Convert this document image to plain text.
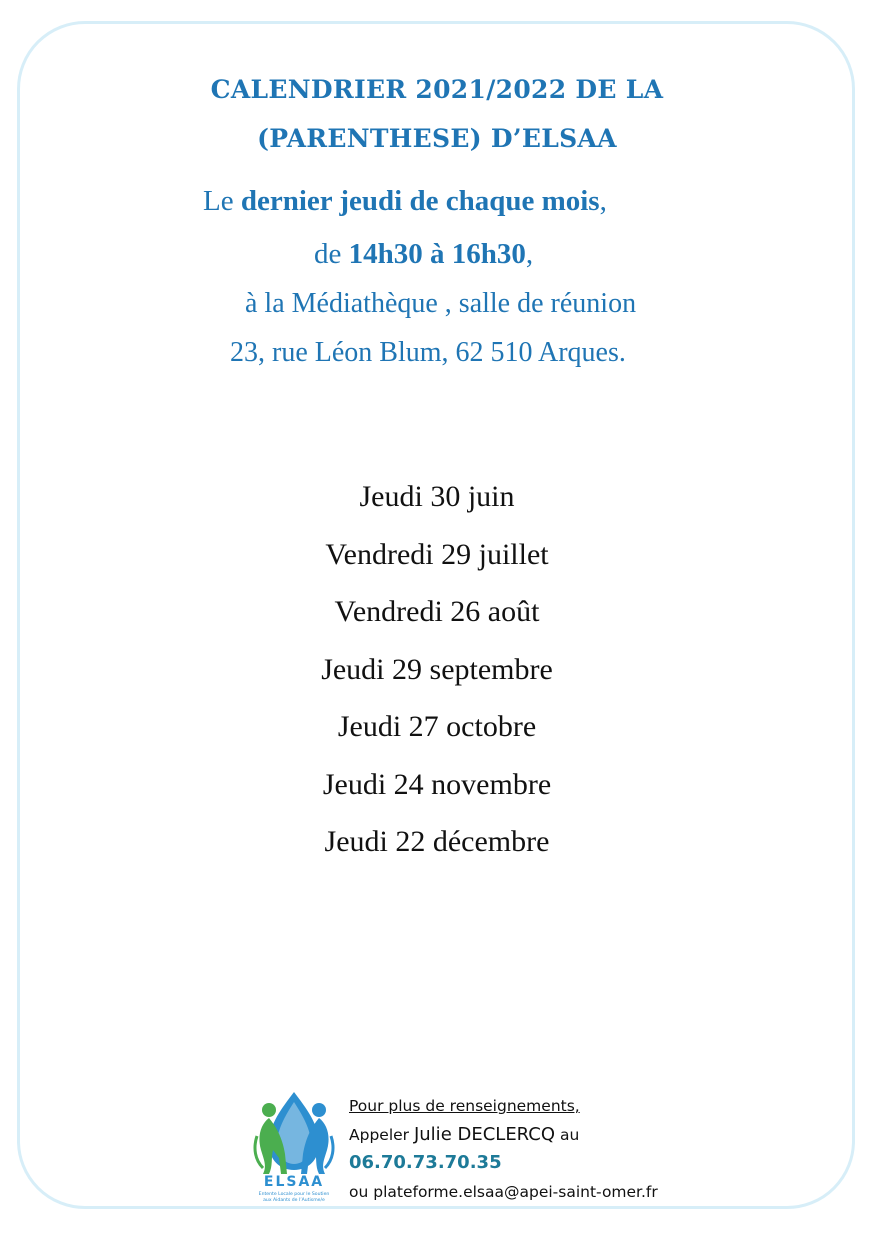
CALENDRIER 2021/2022 DE LA
(PARENTHESE) D’ELSAA
Le dernier jeudi de chaque mois,
de 14h30 à 16h30,
à la Médiathèque , salle de réunion
23, rue Léon Blum, 62 510 Arques.
Jeudi 30 juin
Vendredi 29 juillet
Vendredi 26 août
Jeudi 29 septembre
Jeudi 27 octobre
Jeudi 24 novembre
Jeudi 22 décembre
ELSAA
Entente Locale pour le Soutien
aux Aidants de l’Autisme/e
Pour plus de renseignements,
Appeler Julie DECLERCQ au
06.70.73.70.35
ou plateforme.elsaa@apei-saint-omer.fr
